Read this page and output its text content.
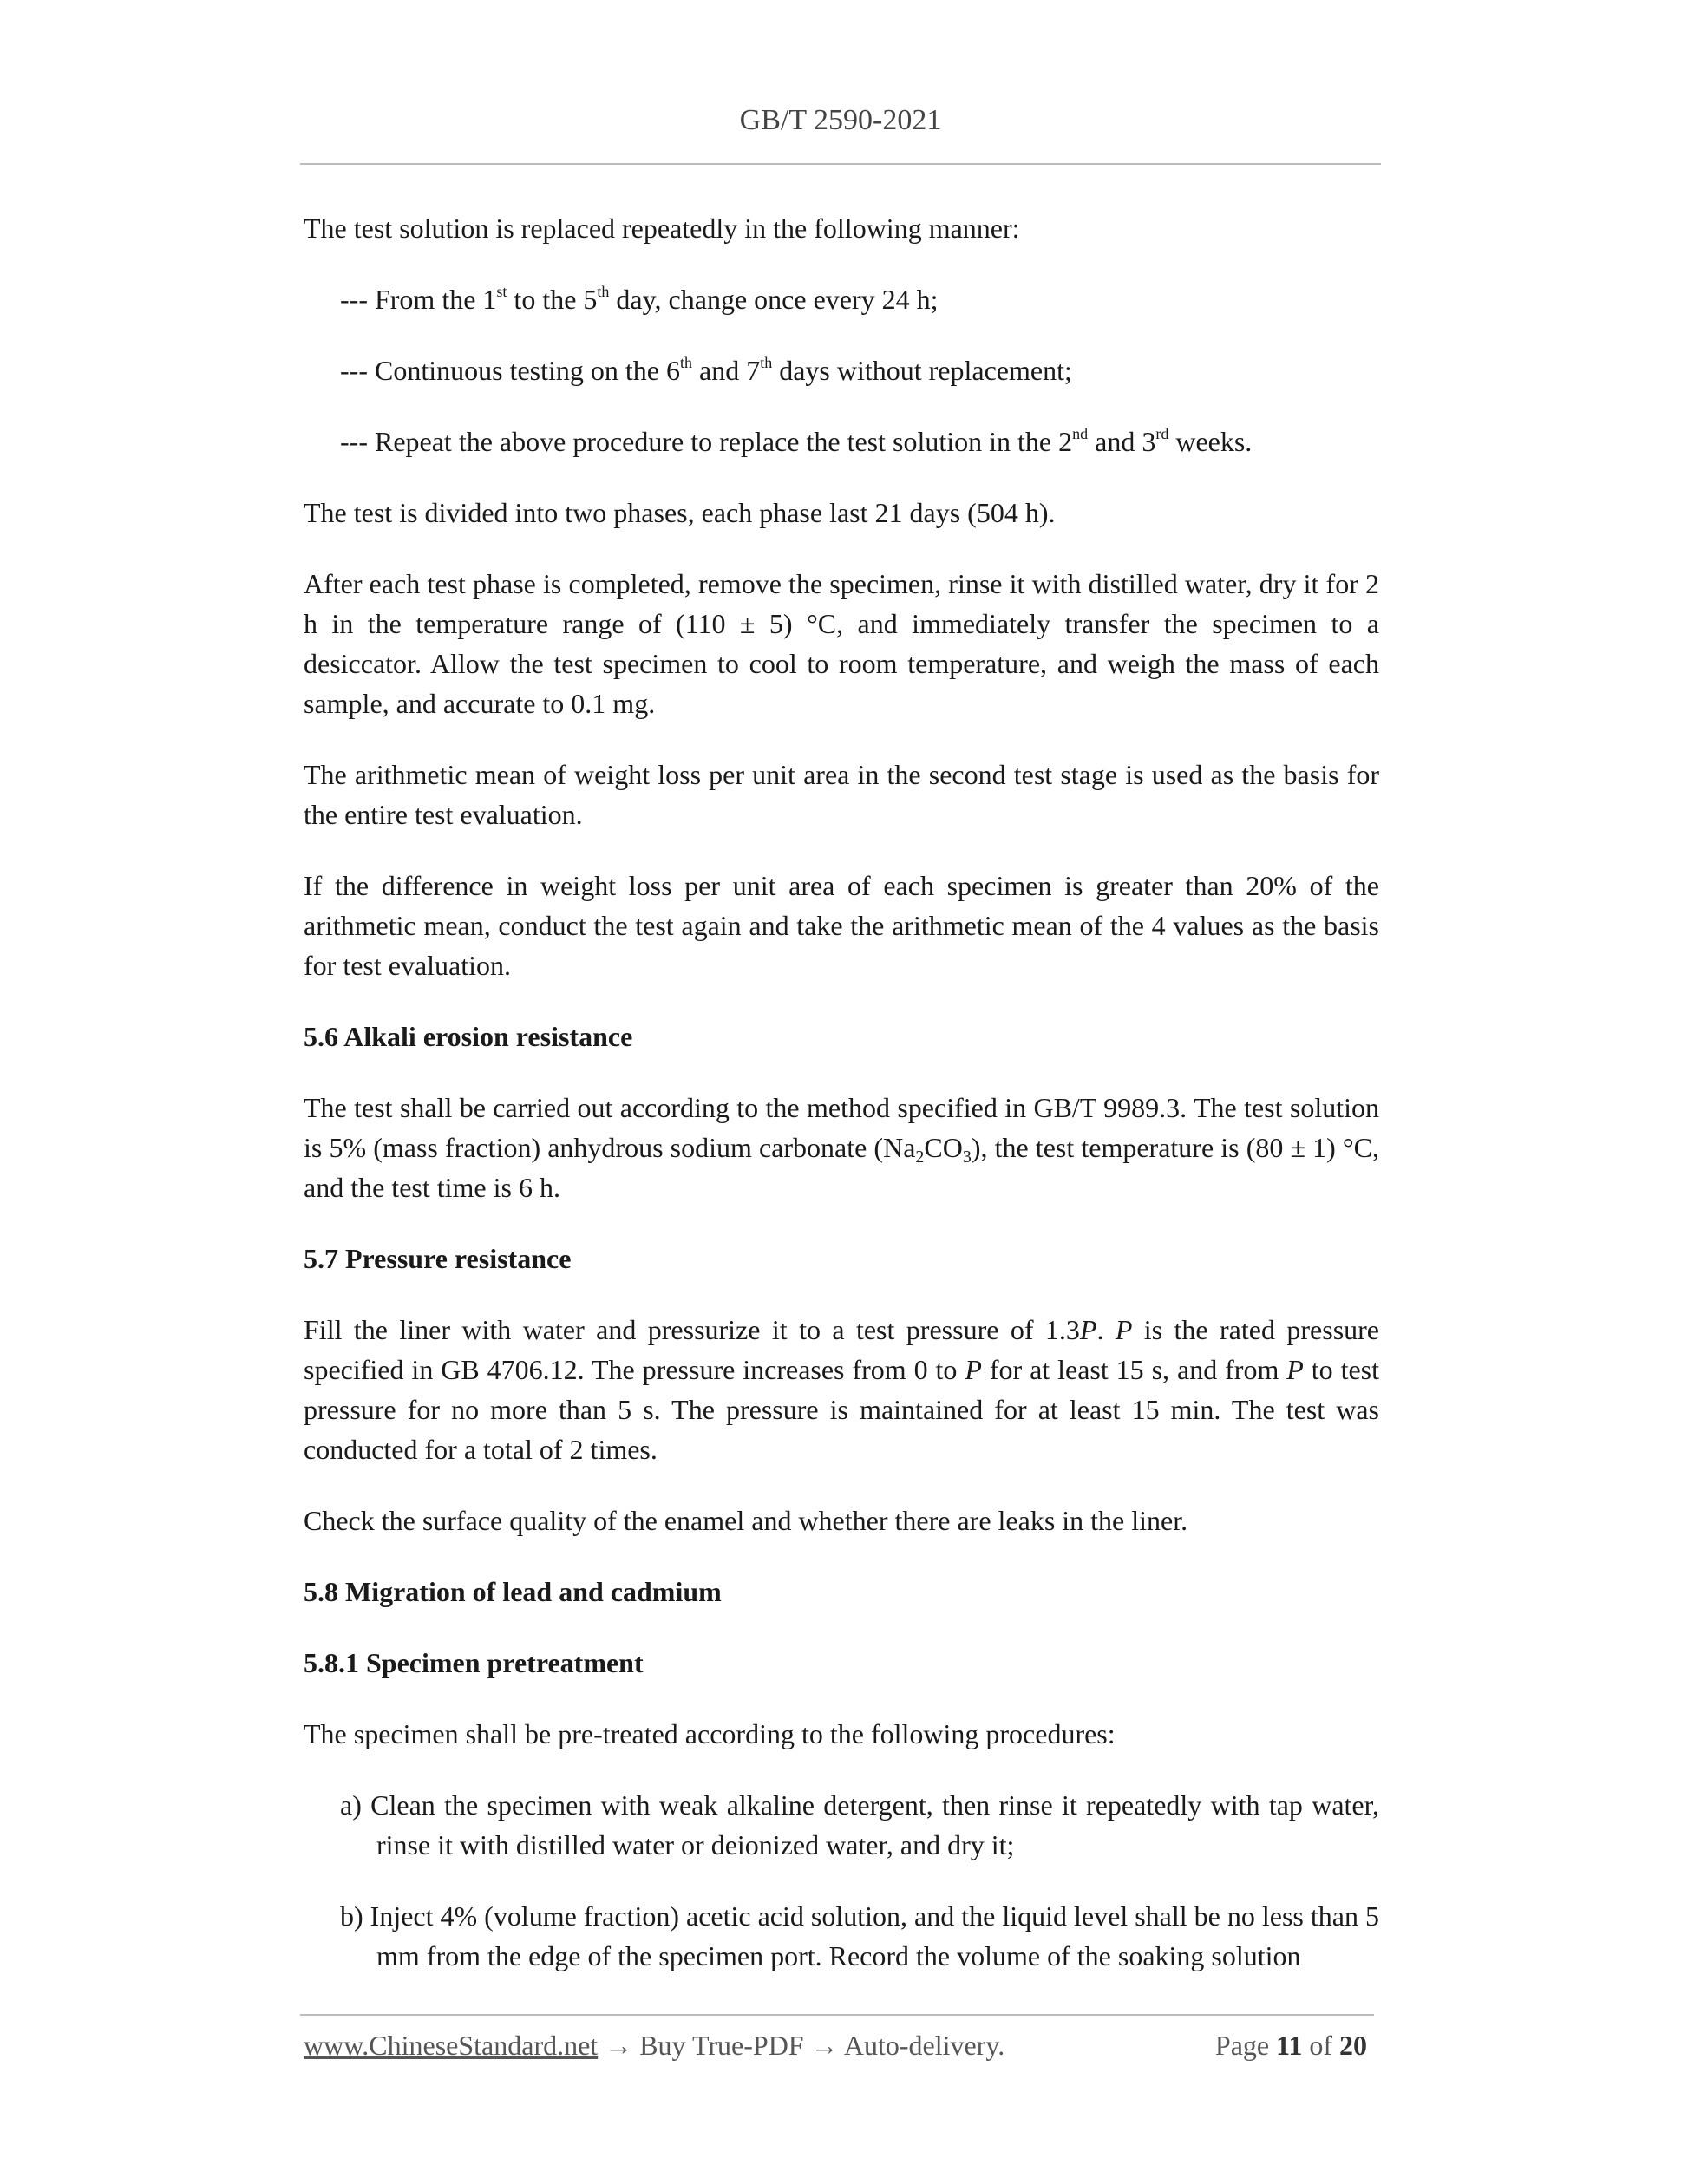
GB/T 2590-2021

The test solution is replaced repeatedly in the following manner:

--- From the 1st to the 5th day, change once every 24 h;

--- Continuous testing on the 6th and 7th days without replacement;

--- Repeat the above procedure to replace the test solution in the 2nd and 3rd weeks.

The test is divided into two phases, each phase last 21 days (504 h).

After each test phase is completed, remove the specimen, rinse it with distilled water, dry it for 2 h in the temperature range of (110 ± 5) °C, and immediately transfer the specimen to a desiccator. Allow the test specimen to cool to room temperature, and weigh the mass of each sample, and accurate to 0.1 mg.

The arithmetic mean of weight loss per unit area in the second test stage is used as the basis for the entire test evaluation.

If the difference in weight loss per unit area of each specimen is greater than 20% of the arithmetic mean, conduct the test again and take the arithmetic mean of the 4 values as the basis for test evaluation.

5.6 Alkali erosion resistance

The test shall be carried out according to the method specified in GB/T 9989.3. The test solution is 5% (mass fraction) anhydrous sodium carbonate $(Na_2CO_3)$, the test temperature is (80 ± 1) °C, and the test time is 6 h.

5.7 Pressure resistance

Fill the liner with water and pressurize it to a test pressure of 1.3P. P is the rated pressure specified in GB 4706.12. The pressure increases from 0 to P for at least 15 s, and from P to test pressure for no more than 5 s. The pressure is maintained for at least 15 min. The test was conducted for a total of 2 times.

Check the surface quality of the enamel and whether there are leaks in the liner.

5.8 Migration of lead and cadmium
5.8.1 Specimen pretreatment

The specimen shall be pre-treated according to the following procedures:

a) Clean the specimen with weak alkaline detergent, then rinse it repeatedly with tap water, rinse it with distilled water or deionized water, and dry it;

b) Inject 4% (volume fraction) acetic acid solution, and the liquid level shall be no less than 5 mm from the edge of the specimen port. Record the volume of the soaking solution

www.ChineseStandard.net → Buy True-PDF → Auto-delivery.	Page 11 of 20
